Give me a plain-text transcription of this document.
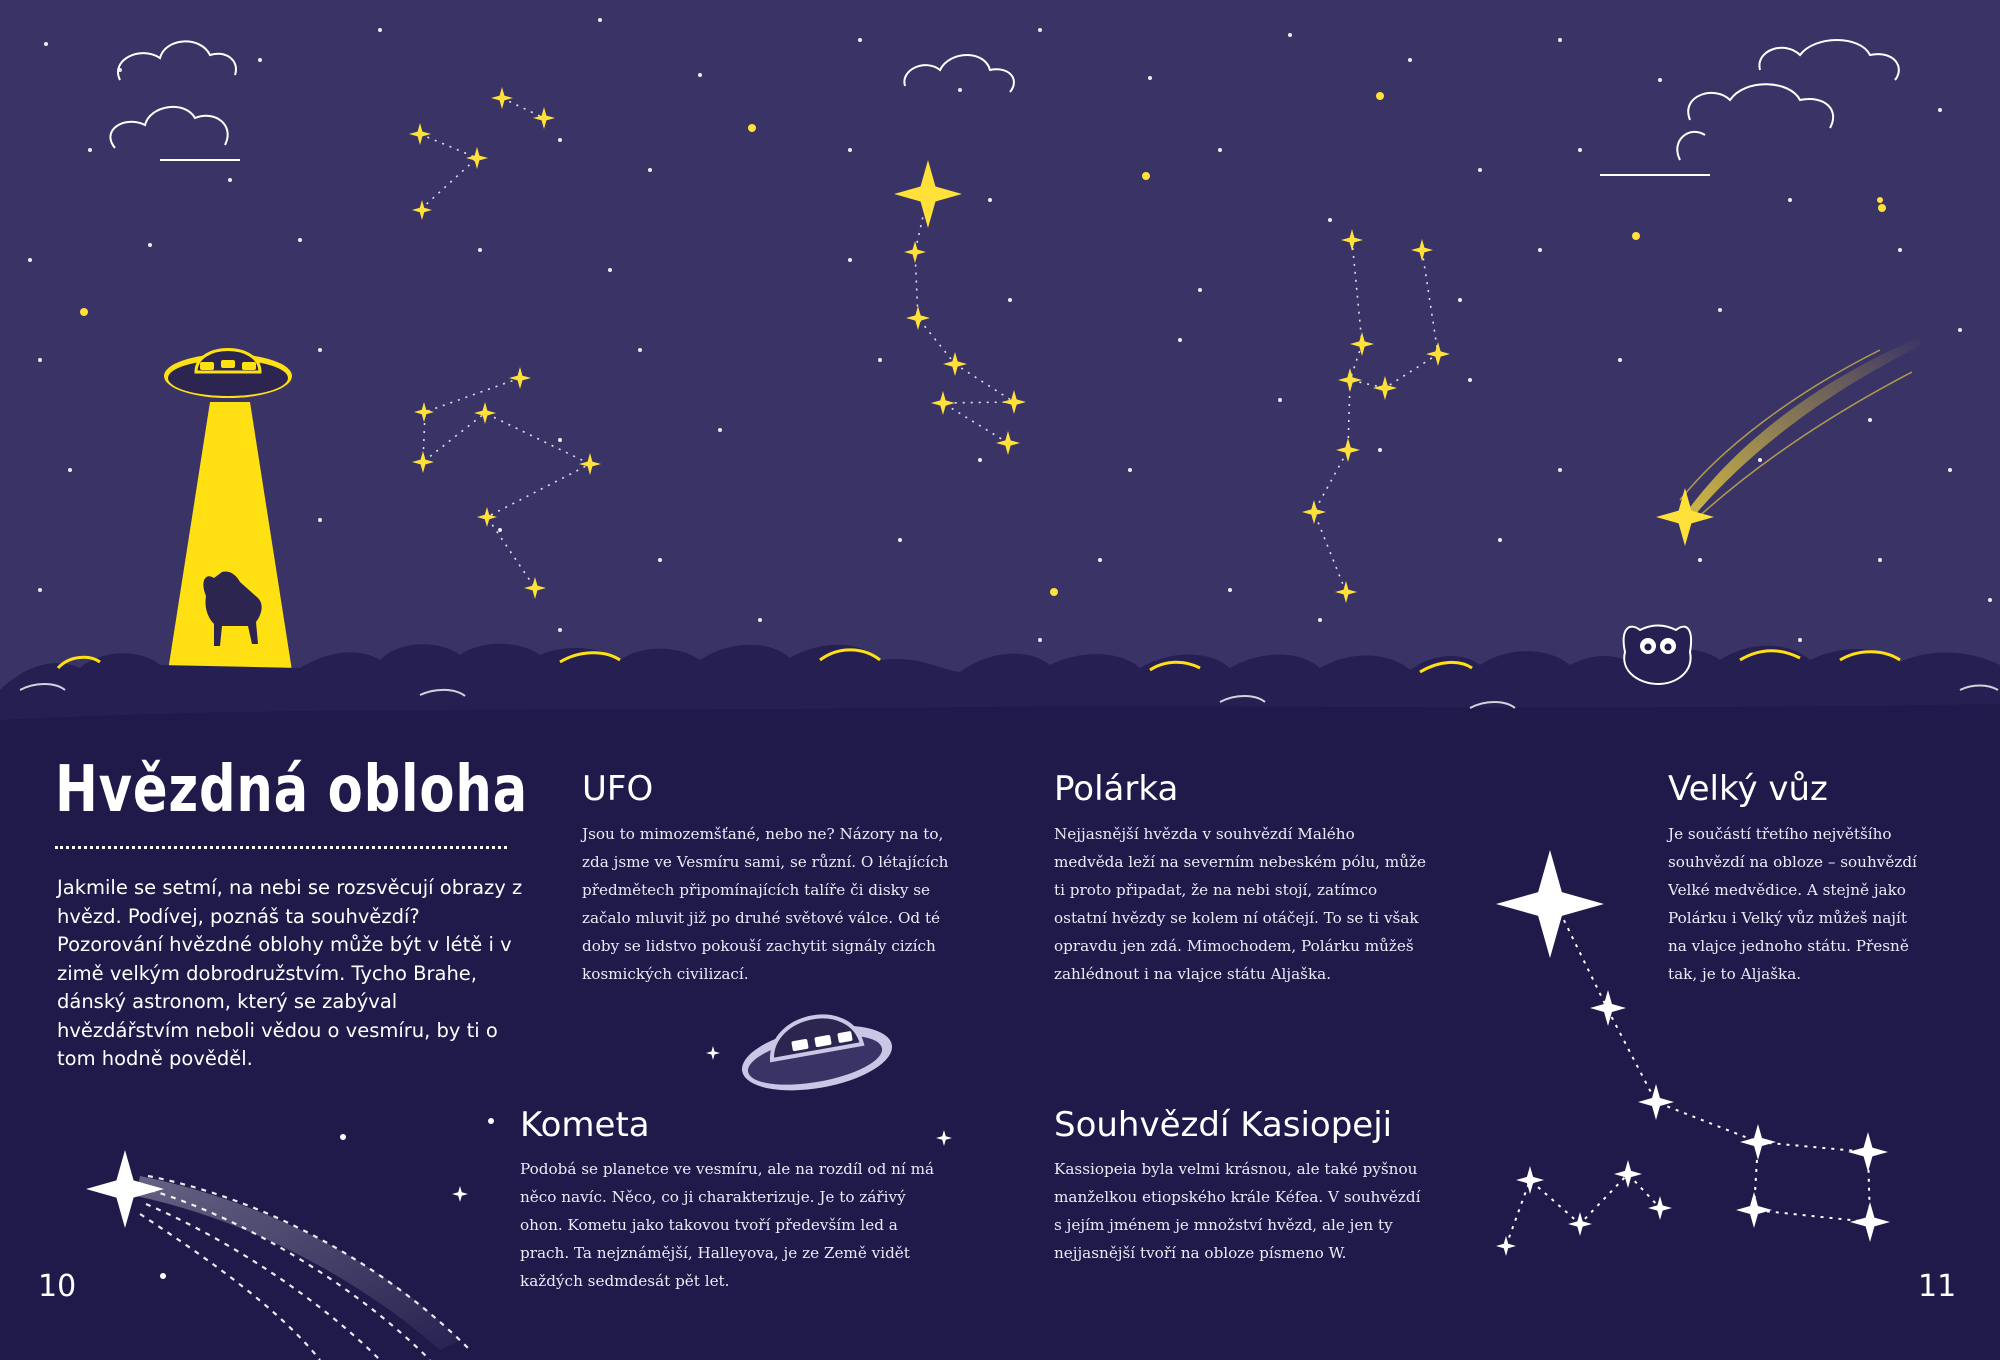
Hvězdná obloha

Jakmile se setmí, na nebi se rozsvěcují obrazy z hvězd. Podívej, poznáš ta souhvězdí? Pozorování hvězdné oblohy může být v létě i v zimě velkým dobrodružstvím. Tycho Brahe, dánský astronom, který se zabýval hvězdářstvím neboli vědou o vesmíru, by ti o tom hodně pověděl.

UFO

Jsou to mimozemšťané, nebo ne? Názory na to, zda jsme ve Vesmíru sami, se různí. O létajících předmětech připomínajících talíře či disky se začalo mluvit již po druhé světové válce. Od té doby se lidstvo pokouší zachytit signály cizích kosmických civilizací.

Polárka

Nejjasnější hvězda v souhvězdí Malého medvěda leží na severním nebeském pólu, může ti proto připadat, že na nebi stojí, zatímco ostatní hvězdy se kolem ní otáčejí. To se ti však opravdu jen zdá. Mimochodem, Polárku můžeš zahlédnout i na vlajce státu Aljaška.

Velký vůz

Je součástí třetího největšího souhvězdí na obloze – souhvězdí Velké medvědice. A stejně jako Polárku i Velký vůz můžeš najít na vlajce jednoho státu. Přesně tak, je to Aljaška.

Kometa

Podobá se planetce ve vesmíru, ale na rozdíl od ní má něco navíc. Něco, co ji charakterizuje. Je to zářivý ohon. Kometu jako takovou tvoří především led a prach. Ta nejznámější, Halleyova, je ze Země vidět každých sedmdesát pět let.

Souhvězdí Kasiopeji

Kassiopeia byla velmi krásnou, ale také pyšnou manželkou etiopského krále Kéfea. V souhvězdí s jejím jménem je množství hvězd, ale jen ty nejjasnější tvoří na obloze písmeno W.

10	11
